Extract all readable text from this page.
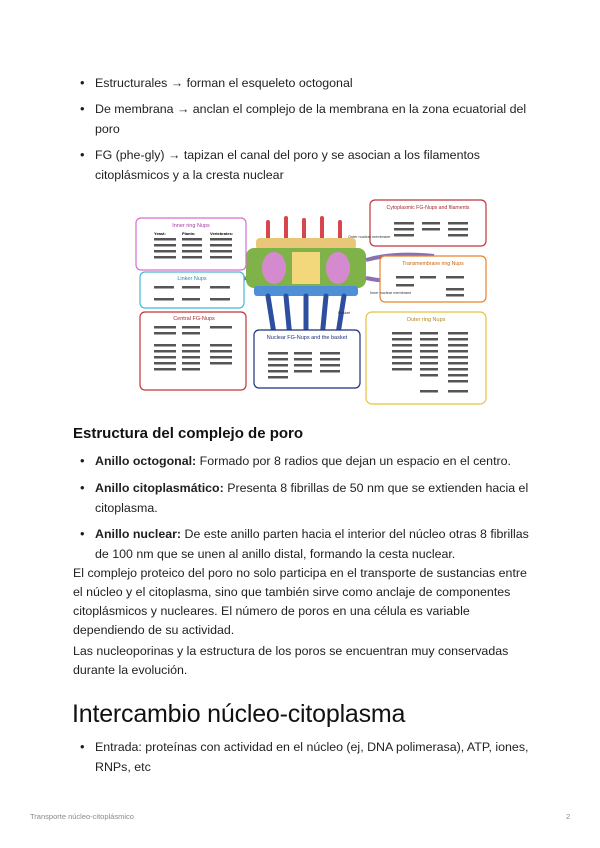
• Estructurales → forman el esqueleto octogonal
• De membrana → anclan el complejo de la membrana en la zona ecuatorial del poro
• FG (phe-gly) → tapizan el canal del poro y se asocian a los filamentos citoplásmicos y a la cresta nuclear
Inner ring Nups
Yeast:	Plants:	Vertebrates:
Linker Nups
Central FG-Nups
Nuclear FG-Nups and the basket
Basket
Cytoplasmic FG-Nups and filaments
Outer nuclear membrane
Transmembrane ring Nups
Inner nuclear membrane
Outer ring Nups
Estructura del complejo de poro
• Anillo octogonal: Formado por 8 radios que dejan un espacio en el centro.
• Anillo citoplasmático: Presenta 8 fibrillas de 50 nm que se extienden hacia el citoplasma.
• Anillo nuclear: De este anillo parten hacia el interior del núcleo otras 8 fibrillas de 100 nm que se unen al anillo distal, formando la cesta nuclear.
El complejo proteico del poro no solo participa en el transporte de sustancias entre el núcleo y el citoplasma, sino que también sirve como anclaje de componentes citoplásmicos y nucleares. El número de poros en una célula es variable dependiendo de su actividad.
Las nucleoporinas y la estructura de los poros se encuentran muy conservadas durante la evolución.
Intercambio núcleo-citoplasma
• Entrada: proteínas con actividad en el núcleo (ej, DNA polimerasa), ATP, iones, RNPs, etc
Transporte núcleo-citoplásmico	2
